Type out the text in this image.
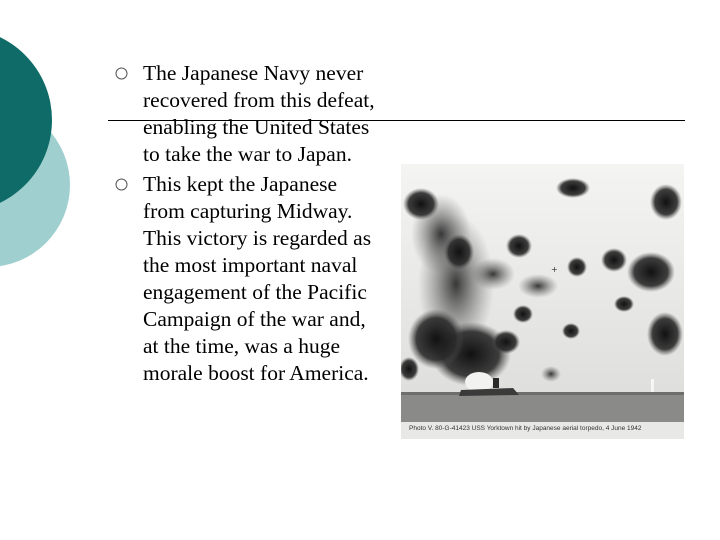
The Japanese Navy never recovered from this defeat, enabling the United States to take the war to Japan.
This kept the Japanese from capturing Midway. This victory is regarded as the most important naval engagement of the Pacific Campaign of the war and, at the time, was a huge morale boost for America.
+
Photo V. 80-G-41423 USS Yorktown hit by Japanese aerial torpedo, 4 June 1942
